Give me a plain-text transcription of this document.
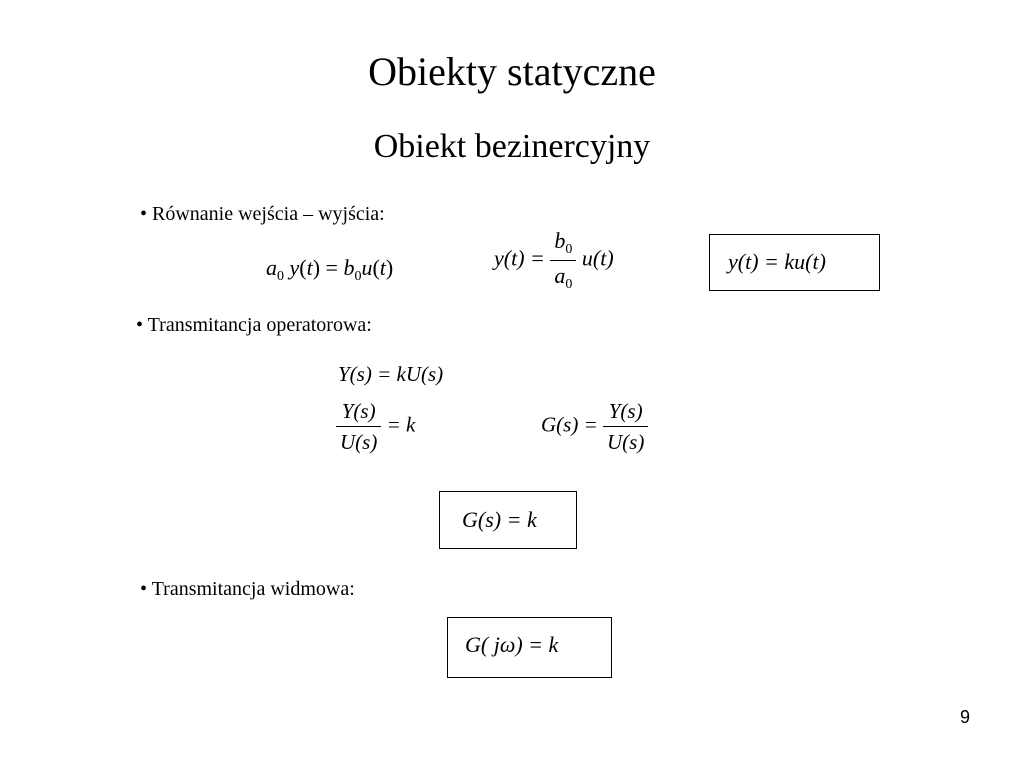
Obiekty statyczne
Obiekt bezinercyjny
• Równanie wejścia – wyjścia:
$a_0$ $y(t) = b_0u(t)$	$y(t) = \frac{b_0}{a_0} u(t)$	y(t) = ku(t)
• Transmitancja operatorowa:
Y(s) = kU(s)
$\frac{Y(s)}{U(s)} = k$	$G(s) = \frac{Y(s)}{U(s)}$
G(s) = k
• Transmitancja widmowa:
G( jω) = k
9
